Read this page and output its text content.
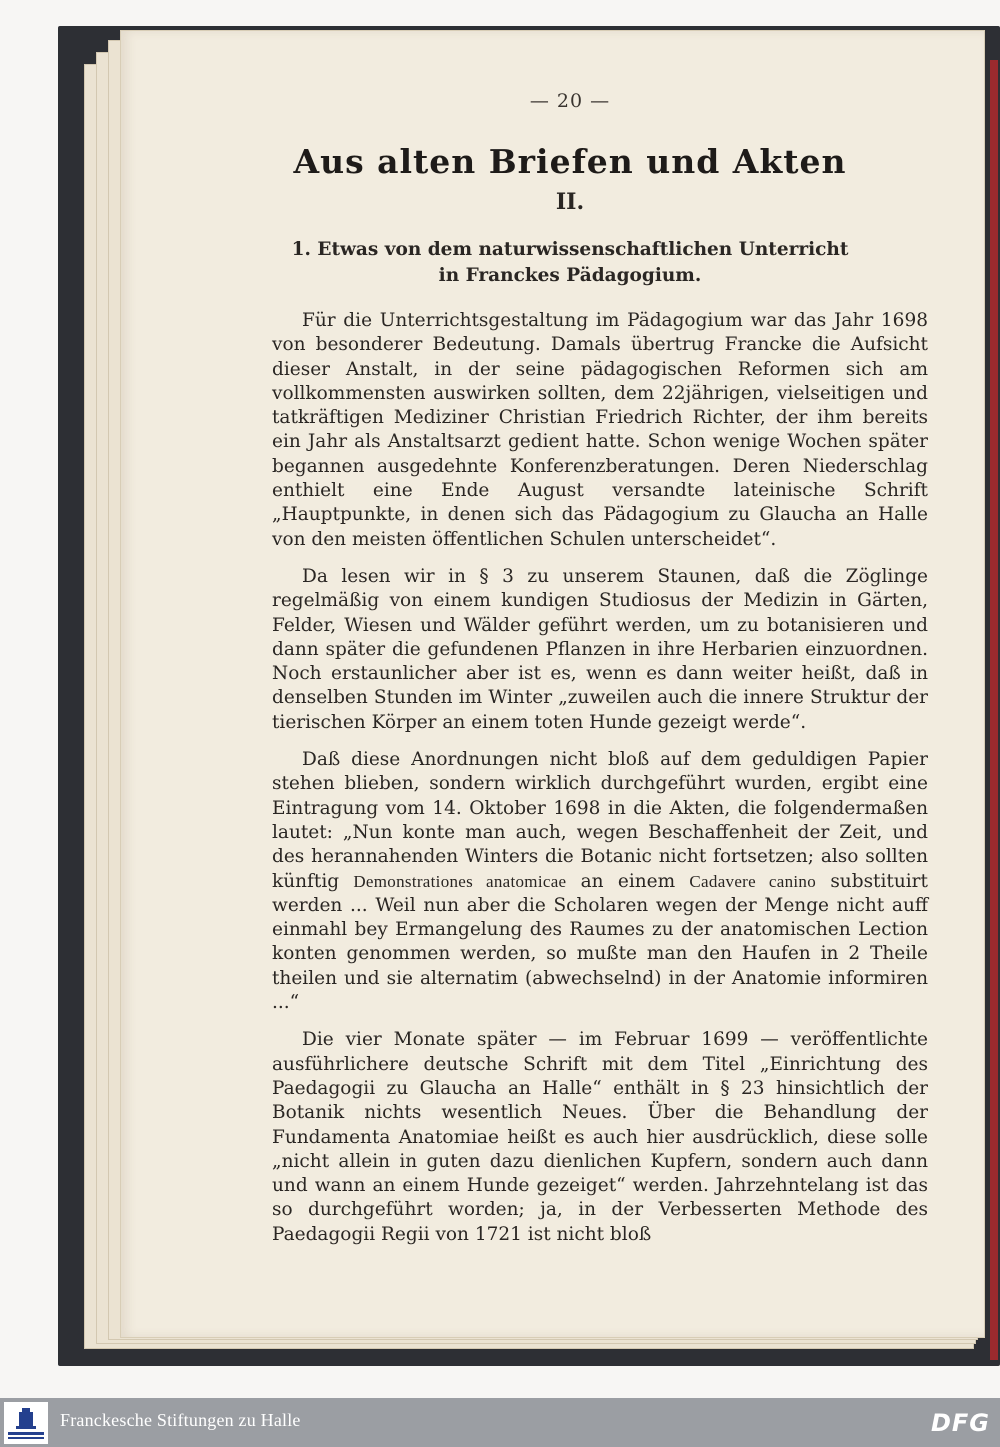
— 20 —
Aus alten Briefen und Akten
II.
1. Etwas von dem naturwissenschaftlichen Unterricht
in Franckes Pädagogium.

Für die Unterrichtsgestaltung im Pädagogium war das Jahr 1698 von besonderer Bedeutung. Damals übertrug Francke die Aufsicht dieser Anstalt, in der seine pädagogischen Reformen sich am vollkommensten auswirken sollten, dem 22jährigen, vielseitigen und tatkräftigen Mediziner Christian Friedrich Richter, der ihm bereits ein Jahr als Anstaltsarzt gedient hatte. Schon wenige Wochen später begannen ausgedehnte Konferenzberatungen. Deren Niederschlag enthielt eine Ende August versandte lateinische Schrift „Hauptpunkte, in denen sich das Pädagogium zu Glaucha an Halle von den meisten öffentlichen Schulen unterscheidet“.

Da lesen wir in § 3 zu unserem Staunen, daß die Zöglinge regelmäßig von einem kundigen Studiosus der Medizin in Gärten, Felder, Wiesen und Wälder geführt werden, um zu botanisieren und dann später die gefundenen Pflanzen in ihre Herbarien einzuordnen. Noch erstaunlicher aber ist es, wenn es dann weiter heißt, daß in denselben Stunden im Winter „zuweilen auch die innere Struktur der tierischen Körper an einem toten Hunde gezeigt werde“.

Daß diese Anordnungen nicht bloß auf dem geduldigen Papier stehen blieben, sondern wirklich durchgeführt wurden, ergibt eine Eintragung vom 14. Oktober 1698 in die Akten, die folgendermaßen lautet: „Nun konte man auch, wegen Beschaffenheit der Zeit, und des herannahenden Winters die Botanic nicht fortsetzen; also sollten künftig Demonstrationes anatomicae an einem Cadavere canino substituirt werden ... Weil nun aber die Scholaren wegen der Menge nicht auff einmahl bey Ermangelung des Raumes zu der anatomischen Lection konten genommen werden, so mußte man den Haufen in 2 Theile theilen und sie alternatim (abwechselnd) in der Anatomie informiren ...“

Die vier Monate später — im Februar 1699 — veröffentlichte ausführlichere deutsche Schrift mit dem Titel „Einrichtung des Paedagogii zu Glaucha an Halle“ enthält in § 23 hinsichtlich der Botanik nichts wesentlich Neues. Über die Behandlung der Fundamenta Anatomiae heißt es auch hier ausdrücklich, diese solle „nicht allein in guten dazu dienlichen Kupfern, sondern auch dann und wann an einem Hunde gezeiget“ werden. Jahrzehntelang ist das so durchgeführt worden; ja, in der Verbesserten Methode des Paedagogii Regii von 1721 ist nicht bloß

Franckesche Stiftungen zu Halle	DFG
